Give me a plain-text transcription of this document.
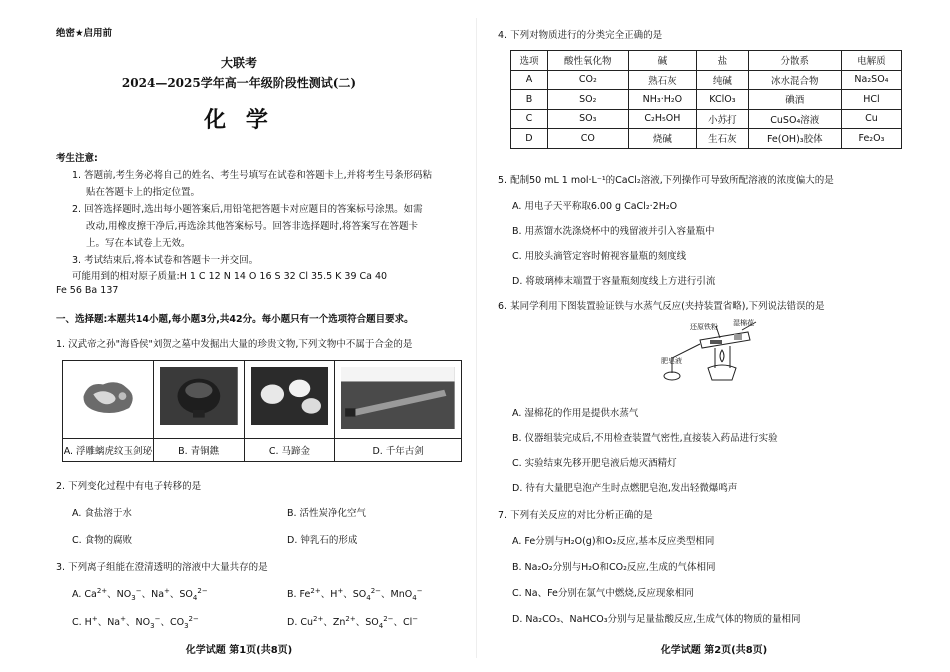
绝密★启用前
大联考
2024—2025学年高一年级阶段性测试(二)
化 学
考生注意:
1. 答题前,考生务必将自己的姓名、考生号填写在试卷和答题卡上,并将考生号条形码粘
贴在答题卡上的指定位置。
2. 回答选择题时,选出每小题答案后,用铅笔把答题卡对应题目的答案标号涂黑。如需
改动,用橡皮擦干净后,再选涂其他答案标号。回答非选择题时,将答案写在答题卡
上。写在本试卷上无效。
3. 考试结束后,将本试卷和答题卡一并交回。
可能用到的相对原子质量:H 1 C 12 N 14 O 16 S 32 Cl 35.5 K 39 Ca 40
Fe 56 Ba 137
一、选择题:本题共14小题,每小题3分,共42分。每小题只有一个选项符合题目要求。
1. 汉武帝之孙"海昏侯"刘贺之墓中发掘出大量的珍贵文物,下列文物中不属于合金的是
A. 浮雕螭虎纹玉剑珌	B. 青铜鐎	C. 马蹄金	D. 千年古剑
2. 下列变化过程中有电子转移的是
A. 食盐溶于水	B. 活性炭净化空气
C. 食物的腐败	D. 钟乳石的形成
3. 下列离子组能在澄清透明的溶液中大量共存的是
A. $Ca^{2+}$、$NO_3^-$、Na+、$SO_4^{2-}$	B. $Fe^{2+}$、H+、$SO_4^{2-}$、MnO$_4$−
C. H+、Na+、$NO_3^-$、$CO_3^{2-}$	D. $Cu^{2+}$、$Zn^{2+}$、$SO_4^{2-}$、Cl−
化学试题 第1页(共8页)
4. 下列对物质进行的分类完全正确的是
选项	酸性氧化物	碱	盐	分散系	电解质
A	CO₂	熟石灰	纯碱	冰水混合物	Na₂SO₄
B	SO₂	NH₃·H₂O	KClO₃	碘酒	HCl
C	SO₃	C₂H₅OH	小苏打	CuSO₄溶液	Cu
D	CO	烧碱	生石灰	Fe(OH)₃胶体	Fe₂O₃
5. 配制50 mL 1 mol·L⁻¹的CaCl₂溶液,下列操作可导致所配溶液的浓度偏大的是
A. 用电子天平称取6.00 g CaCl₂·2H₂O
B. 用蒸馏水洗涤烧杯中的残留液并引入容量瓶中
C. 用胶头滴管定容时俯视容量瓶的刻度线
D. 将玻璃棒末端置于容量瓶刻度线上方进行引流
6. 某同学利用下图装置验证铁与水蒸气反应(夹持装置省略),下列说法错误的是
还原铁粉 湿棉花
肥皂液
A. 湿棉花的作用是提供水蒸气
B. 仪器组装完成后,不用检查装置气密性,直接装入药品进行实验
C. 实验结束先移开肥皂液后熄灭酒精灯
D. 待有大量肥皂泡产生时点燃肥皂泡,发出轻微爆鸣声
7. 下列有关反应的对比分析正确的是
A. Fe分别与H₂O(g)和O₂反应,基本反应类型相同
B. Na₂O₂分别与H₂O和CO₂反应,生成的气体相同
C. Na、Fe分别在氯气中燃烧,反应现象相同
D. Na₂CO₃、NaHCO₃分别与足量盐酸反应,生成气体的物质的量相同
化学试题 第2页(共8页)
